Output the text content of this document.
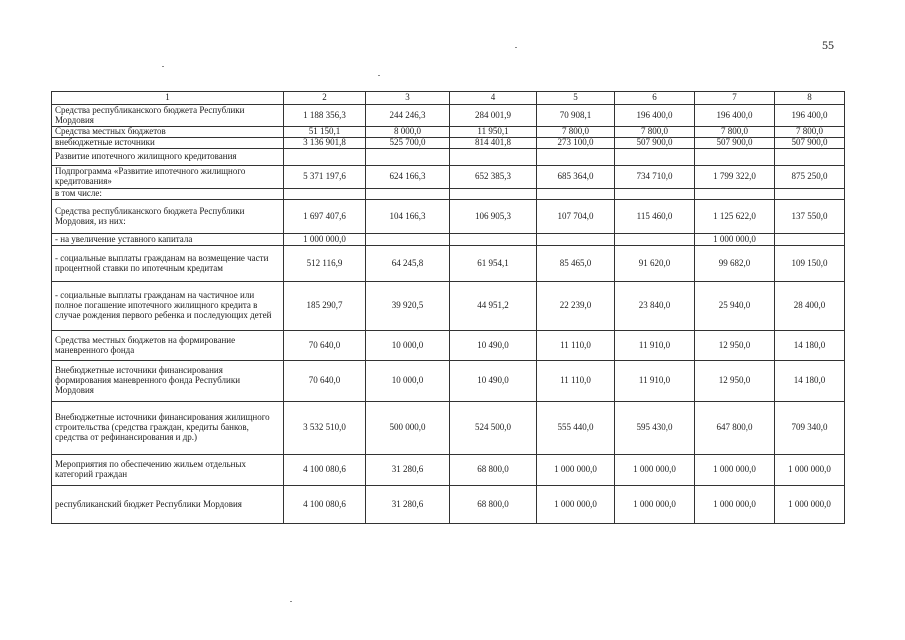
55
1	2	3	4	5	6	7	8
Средства республиканского бюджета Республики Мордовия	1 188 356,3	244 246,3	284 001,9	70 908,1	196 400,0	196 400,0	196 400,0
Средства местных бюджетов	51 150,1	8 000,0	11 950,1	7 800,0	7 800,0	7 800,0	7 800,0
внебюджетные источники	3 136 901,8	525 700,0	814 401,8	273 100,0	507 900,0	507 900,0	507 900,0
Развитие ипотечного жилищного кредитования							
Подпрограмма «Развитие ипотечного жилищного кредитования»	5 371 197,6	624 166,3	652 385,3	685 364,0	734 710,0	1 799 322,0	875 250,0
в том числе:							
Средства республиканского бюджета Республики Мордовия, из них:	1 697 407,6	104 166,3	106 905,3	107 704,0	115 460,0	1 125 622,0	137 550,0
- на увеличение уставного капитала	1 000 000,0					1 000 000,0	
- социальные выплаты гражданам на возмещение части процентной ставки по ипотечным кредитам	512 116,9	64 245,8	61 954,1	85 465,0	91 620,0	99 682,0	109 150,0
- социальные выплаты гражданам на частичное или полное погашение ипотечного жилищного кредита в случае рождения первого ребенка и последующих детей	185 290,7	39 920,5	44 951,2	22 239,0	23 840,0	25 940,0	28 400,0
Средства местных бюджетов на формирование маневренного фонда	70 640,0	10 000,0	10 490,0	11 110,0	11 910,0	12 950,0	14 180,0
Внебюджетные источники финансирования формирования маневренного фонда Республики Мордовия	70 640,0	10 000,0	10 490,0	11 110,0	11 910,0	12 950,0	14 180,0
Внебюджетные источники финансирования жилищного строительства (средства граждан, кредиты банков, средства от рефинансирования и др.)	3 532 510,0	500 000,0	524 500,0	555 440,0	595 430,0	647 800,0	709 340,0
Мероприятия по обеспечению жильем отдельных категорий граждан	4 100 080,6	31 280,6	68 800,0	1 000 000,0	1 000 000,0	1 000 000,0	1 000 000,0
республиканский бюджет Республики Мордовия	4 100 080,6	31 280,6	68 800,0	1 000 000,0	1 000 000,0	1 000 000,0	1 000 000,0
